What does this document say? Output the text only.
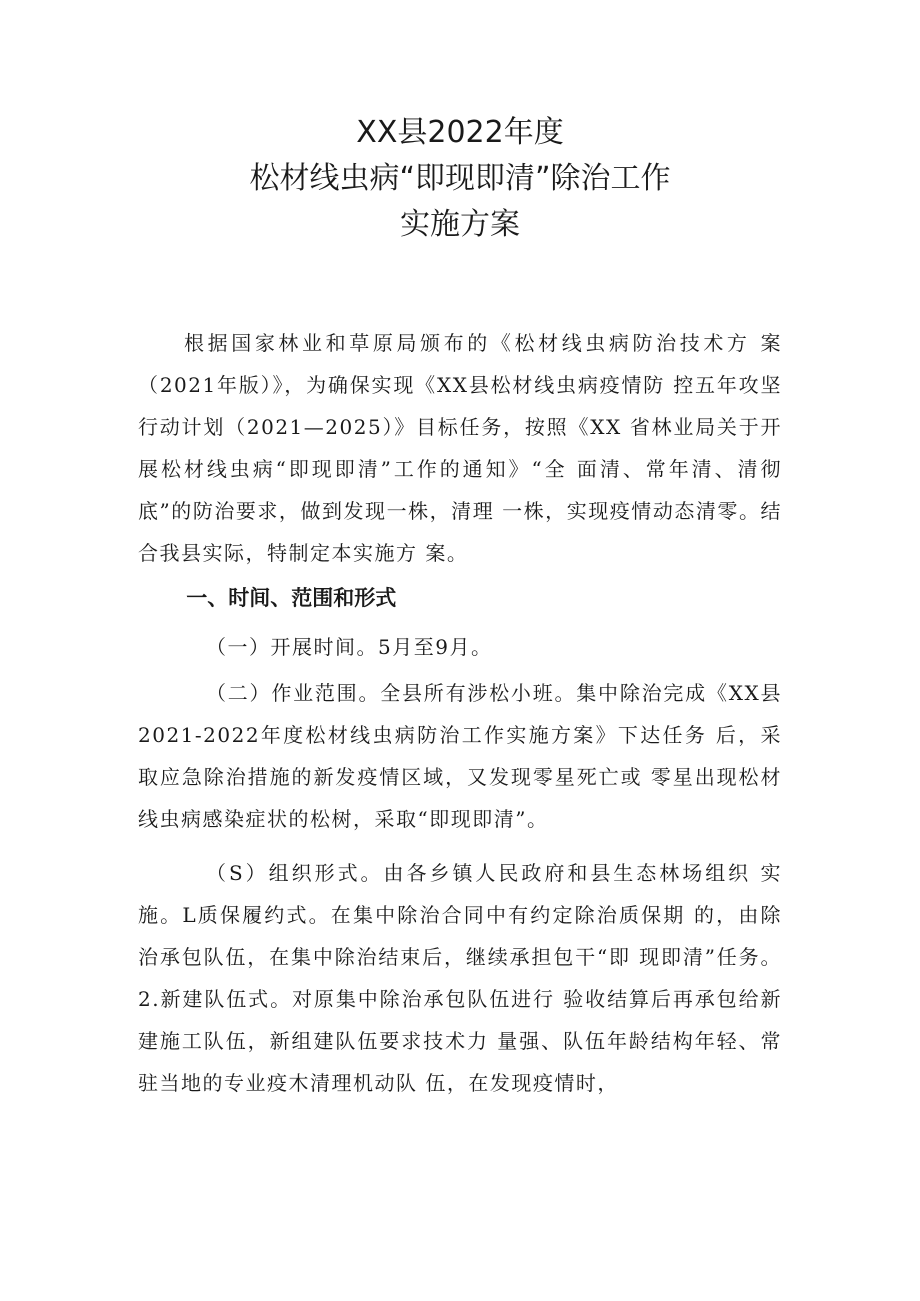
XX县2022年度
松材线虫病“即现即清”除治工作
实施方案

根据国家林业和草原局颁布的《松材线虫病防治技术方 案（2021年版）》，为确保实现《XX县松材线虫病疫情防 控五年攻坚行动计划（2021—2025）》目标任务，按照《XX 省林业局关于开展松材线虫病“即现即清”工作的通知》“全 面清、常年清、清彻底”的防治要求，做到发现一株，清理 一株，实现疫情动态清零。结合我县实际，特制定本实施方 案。

一、时间、范围和形式

（一）开展时间。5月至9月。

（二）作业范围。全县所有涉松小班。集中除治完成《XX县2021-2022年度松材线虫病防治工作实施方案》下达任务 后，采取应急除治措施的新发疫情区域，又发现零星死亡或 零星出现松材线虫病感染症状的松树，采取“即现即清”。

（S）组织形式。由各乡镇人民政府和县生态林场组织 实施。L质保履约式。在集中除治合同中有约定除治质保期 的，由除治承包队伍，在集中除治结束后，继续承担包干“即 现即清”任务。2.新建队伍式。对原集中除治承包队伍进行 验收结算后再承包给新建施工队伍，新组建队伍要求技术力 量强、队伍年龄结构年轻、常驻当地的专业疫木清理机动队 伍，在发现疫情时，
